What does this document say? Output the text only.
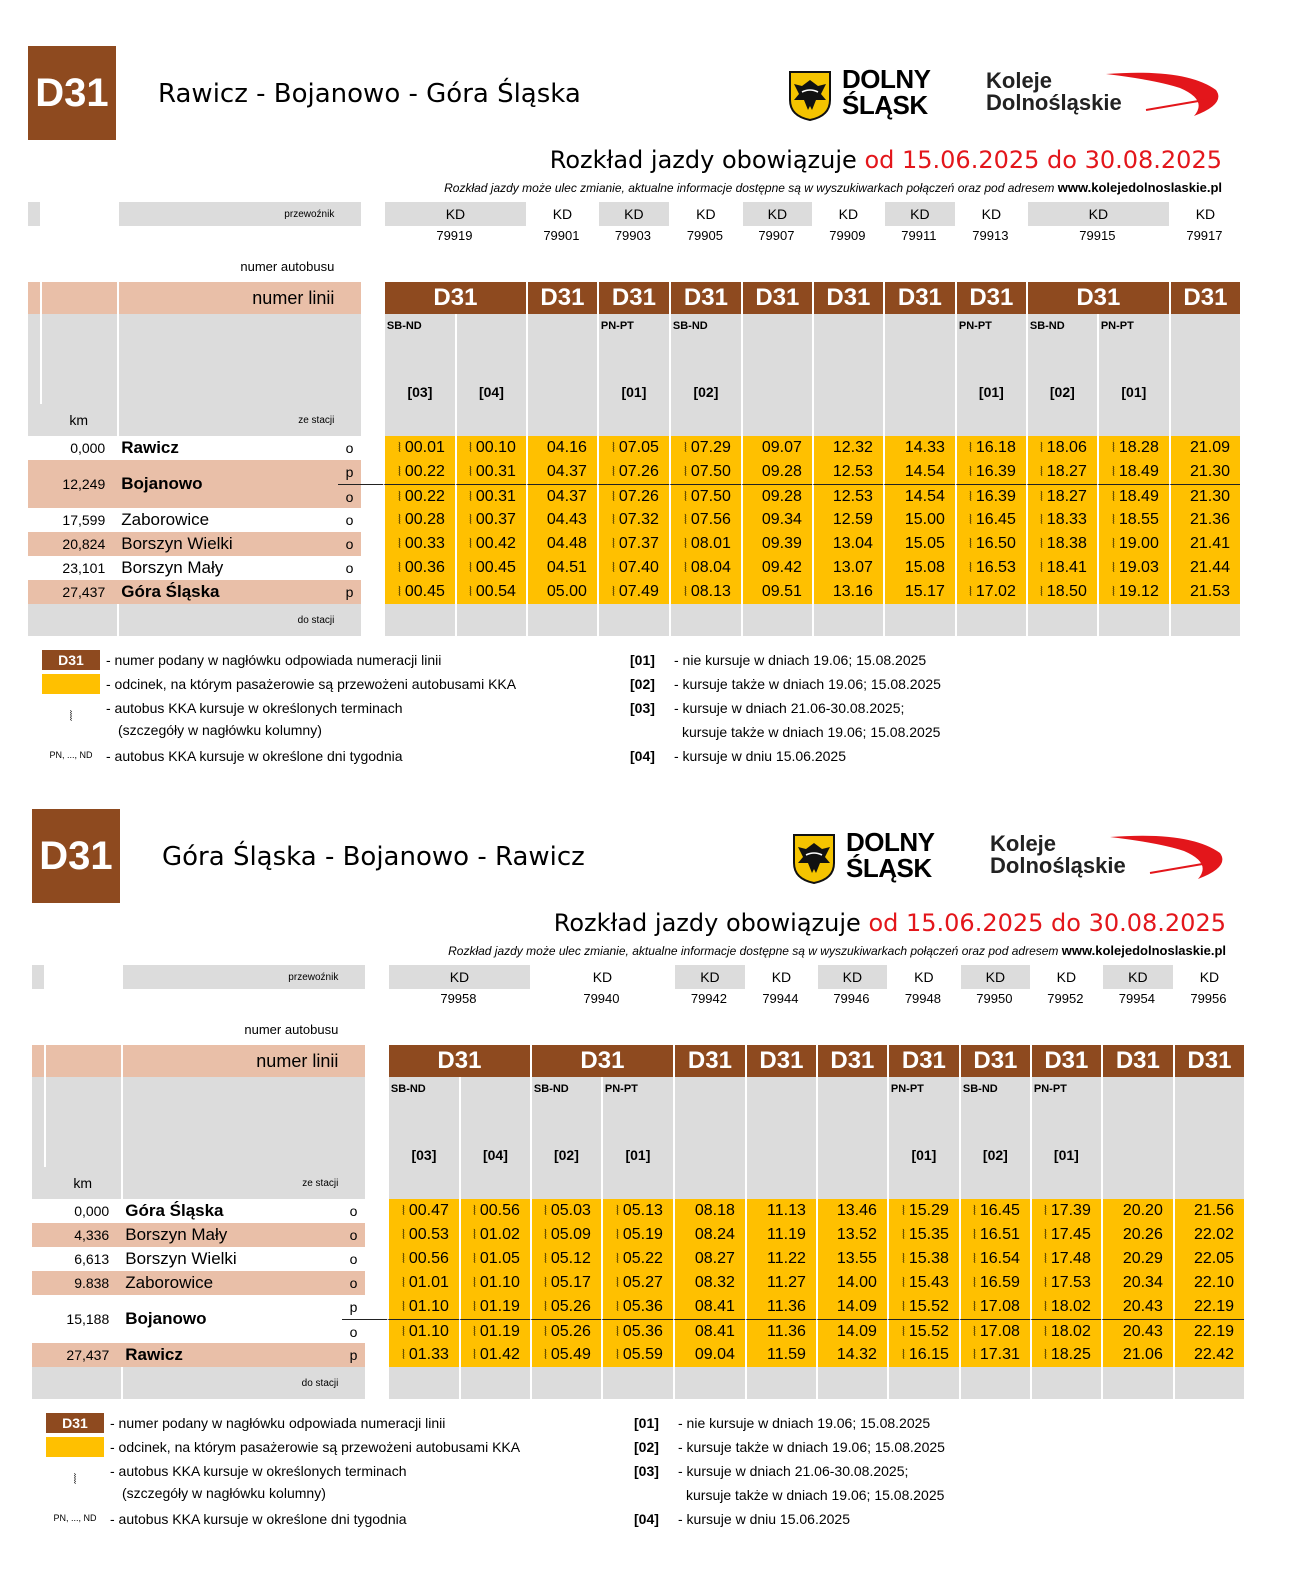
D31 Rawicz - Bojanowo - Góra Śląska	DOLNY
ŚLĄSK
Koleje
Dolnośląskie
Rozkład jazdy obowiązuje od 15.06.2025 do 30.08.2025
Rozkład jazdy może ulec zmianie, aktualne informacje dostępne są w wyszukiwarkach połączeń oraz pod adresem www.kolejedolnoslaskie.pl
		przewoźnik			KD		KD	KD	KD	KD	KD	KD	KD	KD		KD
		numer autobusu			79919		79901	79903	79905	79907	79909	79911	79913	79915		79917

		numer linii			D31		D31	D31	D31	D31	D31	D31	D31	D31		D31
					SB-ND			PN-PT	SB-ND				PN-PT	SB-ND	PN-PT	

					[03]	[04]		[01]	[02]				[01]	[02]	[01]	
	km	ze stacji														
	0,000	Rawicz	o		⦚ 00.01	⦚ 00.10	04.16	⦚ 07.05	⦚ 07.29	09.07	12.32	14.33	⦚ 16.18	⦚ 18.06	⦚ 18.28	21.09
	12,249	Bojanowo	p		⦚ 00.22	⦚ 00.31	04.37	⦚ 07.26	⦚ 07.50	09.28	12.53	14.54	⦚ 16.39	⦚ 18.27	⦚ 18.49	21.30
			o		⦚ 00.22	⦚ 00.31	04.37	⦚ 07.26	⦚ 07.50	09.28	12.53	14.54	⦚ 16.39	⦚ 18.27	⦚ 18.49	21.30
	17,599	Zaborowice	o		⦚ 00.28	⦚ 00.37	04.43	⦚ 07.32	⦚ 07.56	09.34	12.59	15.00	⦚ 16.45	⦚ 18.33	⦚ 18.55	21.36
	20,824	Borszyn Wielki	o		⦚ 00.33	⦚ 00.42	04.48	⦚ 07.37	⦚ 08.01	09.39	13.04	15.05	⦚ 16.50	⦚ 18.38	⦚ 19.00	21.41
	23,101	Borszyn Mały	o		⦚ 00.36	⦚ 00.45	04.51	⦚ 07.40	⦚ 08.04	09.42	13.07	15.08	⦚ 16.53	⦚ 18.41	⦚ 19.03	21.44
	27,437	Góra Śląska	p		⦚ 00.45	⦚ 00.54	05.00	⦚ 07.49	⦚ 08.13	09.51	13.16	15.17	⦚ 17.02	⦚ 18.50	⦚ 19.12	21.53
		do stacji														
D31	- numer podany w nagłówku odpowiada numeracji linii
- odcinek, na którym pasażerowie są przewożeni autobusami KKA
⦚	- autobus KKA kursuje w określonych terminach
(szczegóły w nagłówku kolumny)
PN, ..., ND - autobus KKA kursuje w określone dni tygodnia
[01] - nie kursuje w dniach 19.06; 15.08.2025
[02] - kursuje także w dniach 19.06; 15.08.2025
[03] - kursuje w dniach 21.06-30.08.2025;
kursuje także w dniach 19.06; 15.08.2025
[04] - kursuje w dniu 15.06.2025
D31 Góra Śląska - Bojanowo - Rawicz	DOLNY
ŚLĄSK
Koleje
Dolnośląskie
Rozkład jazdy obowiązuje od 15.06.2025 do 30.08.2025
Rozkład jazdy może ulec zmianie, aktualne informacje dostępne są w wyszukiwarkach połączeń oraz pod adresem www.kolejedolnoslaskie.pl
		przewoźnik			KD		KD		KD	KD	KD	KD	KD	KD	KD	KD
		numer autobusu			79958		79940		79942	79944	79946	79948	79950	79952	79954	79956

		numer linii			D31		D31		D31	D31	D31	D31	D31	D31	D31	D31
					SB-ND		SB-ND	PN-PT				PN-PT	SB-ND	PN-PT		

					[03]	[04]	[02]	[01]				[01]	[02]	[01]		
	km	ze stacji														
	0,000	Góra Śląska	o		⦚ 00.47	⦚ 00.56	⦚ 05.03	⦚ 05.13	08.18	11.13	13.46	⦚ 15.29	⦚ 16.45	⦚ 17.39	20.20	21.56
	4,336	Borszyn Mały	o		⦚ 00.53	⦚ 01.02	⦚ 05.09	⦚ 05.19	08.24	11.19	13.52	⦚ 15.35	⦚ 16.51	⦚ 17.45	20.26	22.02
	6,613	Borszyn Wielki	o		⦚ 00.56	⦚ 01.05	⦚ 05.12	⦚ 05.22	08.27	11.22	13.55	⦚ 15.38	⦚ 16.54	⦚ 17.48	20.29	22.05
	9.838	Zaborowice	o		⦚ 01.01	⦚ 01.10	⦚ 05.17	⦚ 05.27	08.32	11.27	14.00	⦚ 15.43	⦚ 16.59	⦚ 17.53	20.34	22.10
	15,188	Bojanowo	p		⦚ 01.10	⦚ 01.19	⦚ 05.26	⦚ 05.36	08.41	11.36	14.09	⦚ 15.52	⦚ 17.08	⦚ 18.02	20.43	22.19
			o		⦚ 01.10	⦚ 01.19	⦚ 05.26	⦚ 05.36	08.41	11.36	14.09	⦚ 15.52	⦚ 17.08	⦚ 18.02	20.43	22.19
	27,437	Rawicz	p		⦚ 01.33	⦚ 01.42	⦚ 05.49	⦚ 05.59	09.04	11.59	14.32	⦚ 16.15	⦚ 17.31	⦚ 18.25	21.06	22.42
		do stacji														
D31	- numer podany w nagłówku odpowiada numeracji linii
- odcinek, na którym pasażerowie są przewożeni autobusami KKA
⦚	- autobus KKA kursuje w określonych terminach
(szczegóły w nagłówku kolumny)
PN, ..., ND - autobus KKA kursuje w określone dni tygodnia
[01] - nie kursuje w dniach 19.06; 15.08.2025
[02] - kursuje także w dniach 19.06; 15.08.2025
[03] - kursuje w dniach 21.06-30.08.2025;
kursuje także w dniach 19.06; 15.08.2025
[04] - kursuje w dniu 15.06.2025
